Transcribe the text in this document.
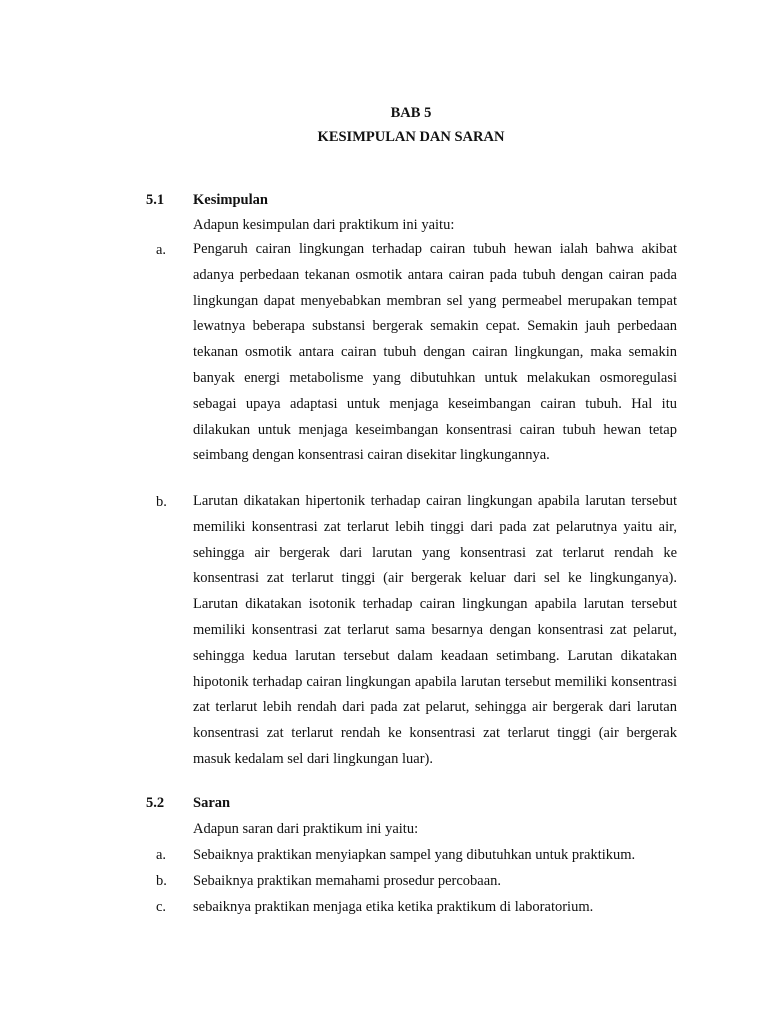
BAB 5
KESIMPULAN DAN SARAN
5.1 Kesimpulan
Adapun kesimpulan dari praktikum ini yaitu:
a. Pengaruh cairan lingkungan terhadap cairan tubuh hewan ialah bahwa akibat adanya perbedaan tekanan osmotik antara cairan pada tubuh dengan cairan pada lingkungan dapat menyebabkan membran sel yang permeabel merupakan tempat lewatnya beberapa substansi bergerak semakin cepat. Semakin jauh perbedaan tekanan osmotik antara cairan tubuh dengan cairan lingkungan, maka semakin banyak energi metabolisme yang dibutuhkan untuk melakukan osmoregulasi sebagai upaya adaptasi untuk menjaga keseimbangan cairan tubuh. Hal itu dilakukan untuk menjaga keseimbangan konsentrasi cairan tubuh hewan tetap seimbang dengan konsentrasi cairan disekitar lingkungannya.

b. Larutan dikatakan hipertonik terhadap cairan lingkungan apabila larutan tersebut memiliki konsentrasi zat terlarut lebih tinggi dari pada zat pelarutnya yaitu air, sehingga air bergerak dari larutan yang konsentrasi zat terlarut rendah ke konsentrasi zat terlarut tinggi (air bergerak keluar dari sel ke lingkunganya). Larutan dikatakan isotonik terhadap cairan lingkungan apabila larutan tersebut memiliki konsentrasi zat terlarut sama besarnya dengan konsentrasi zat pelarut, sehingga kedua larutan tersebut dalam keadaan setimbang. Larutan dikatakan hipotonik terhadap cairan lingkungan apabila larutan tersebut memiliki konsentrasi zat terlarut lebih rendah dari pada zat pelarut, sehingga air bergerak dari larutan konsentrasi zat terlarut rendah ke konsentrasi zat terlarut tinggi (air bergerak masuk kedalam sel dari lingkungan luar).

5.2 Saran
Adapun saran dari praktikum ini yaitu:
a. Sebaiknya praktikan menyiapkan sampel yang dibutuhkan untuk praktikum.
b. Sebaiknya praktikan memahami prosedur percobaan.
c. sebaiknya praktikan menjaga etika ketika praktikum di laboratorium.
